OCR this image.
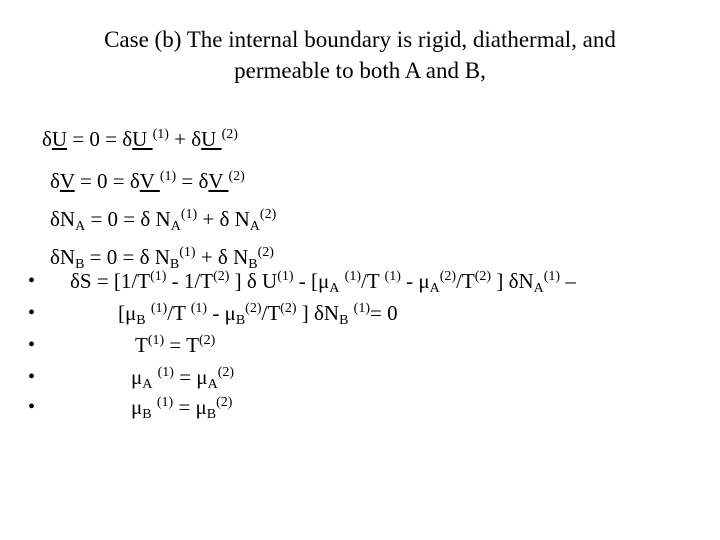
Case (b) The internal boundary is rigid, diathermal, and
permeable to both A and B,
δU = 0 = δU $^{(1)}$ + δU $^{(2)}$
δV = 0 = δV $^{(1)}$ = δV $^{(2)}$
$\delta N_A = 0 = \delta$ $N_A^{(1)} + \delta$ $N_A^{(2)}$
$\delta N_B = 0 = \delta$ $N_B^{(1)} + \delta$ $N_B^{(2)}$
• $\delta S = [1/T^{(1)} - 1/T^{(2)}$ ] δ $U^{(1)} - [\mu_A$ $^{(1)}$/T $^{(1)} - \mu_A^{(2)}/T^{(2)}$ ] $\delta N_A^{(1)}$ –
•	[$\mu_B$ $^{(1)}$/T $^{(1)} - \mu_B^{(2)}/T^{(2)}$ ] $\delta N_B$ $^{(1)}$= 0
•	$T^{(1)} = T^{(2)}$
•	$\mu_A$ $^{(1)} = \mu_A^{(2)}$
•	$\mu_B$ $^{(1)} = \mu_B^{(2)}$
